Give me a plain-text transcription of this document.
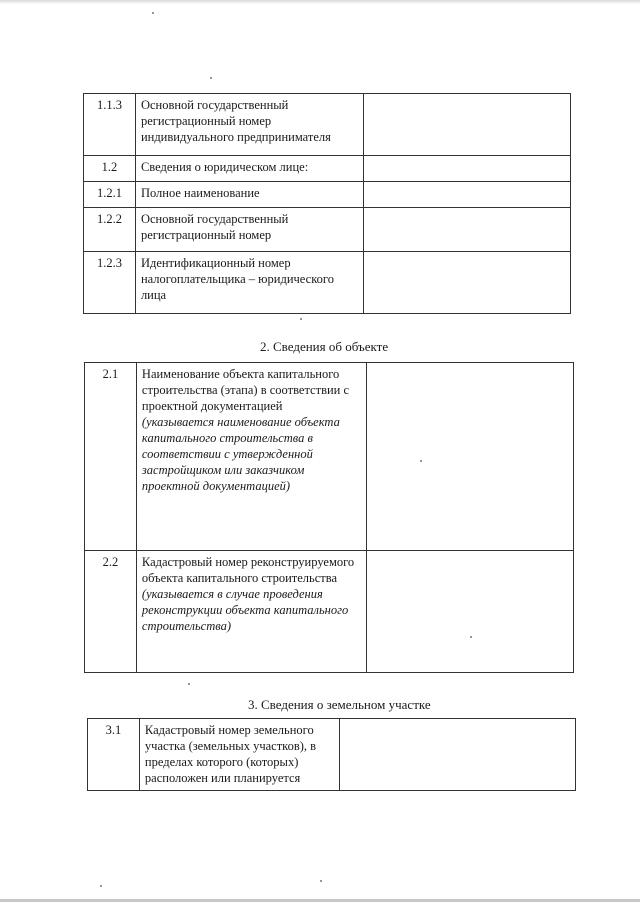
1.1.3	Основной государственный регистрационный номер индивидуального предпринимателя	
1.2	Сведения о юридическом лице:	
1.2.1	Полное наименование	
1.2.2	Основной государственный регистрационный номер	
1.2.3	Идентификационный номер налогоплательщика – юридического лица	
2. Сведения об объекте
2.1	Наименование объекта капитального строительства (этапа) в соответствии с проектной документацией
(указывается наименование объекта капитального строительства в соответствии с утвержденной застройщиком или заказчиком проектной документацией)	

2.2	Кадастровый номер реконструируемого объекта капитального строительства
(указывается в случае проведения реконструкции объекта капитального строительства)	

3. Сведения о земельном участке
3.1	Кадастровый номер земельного участка (земельных участков), в пределах которого (которых) расположен или планируется	
